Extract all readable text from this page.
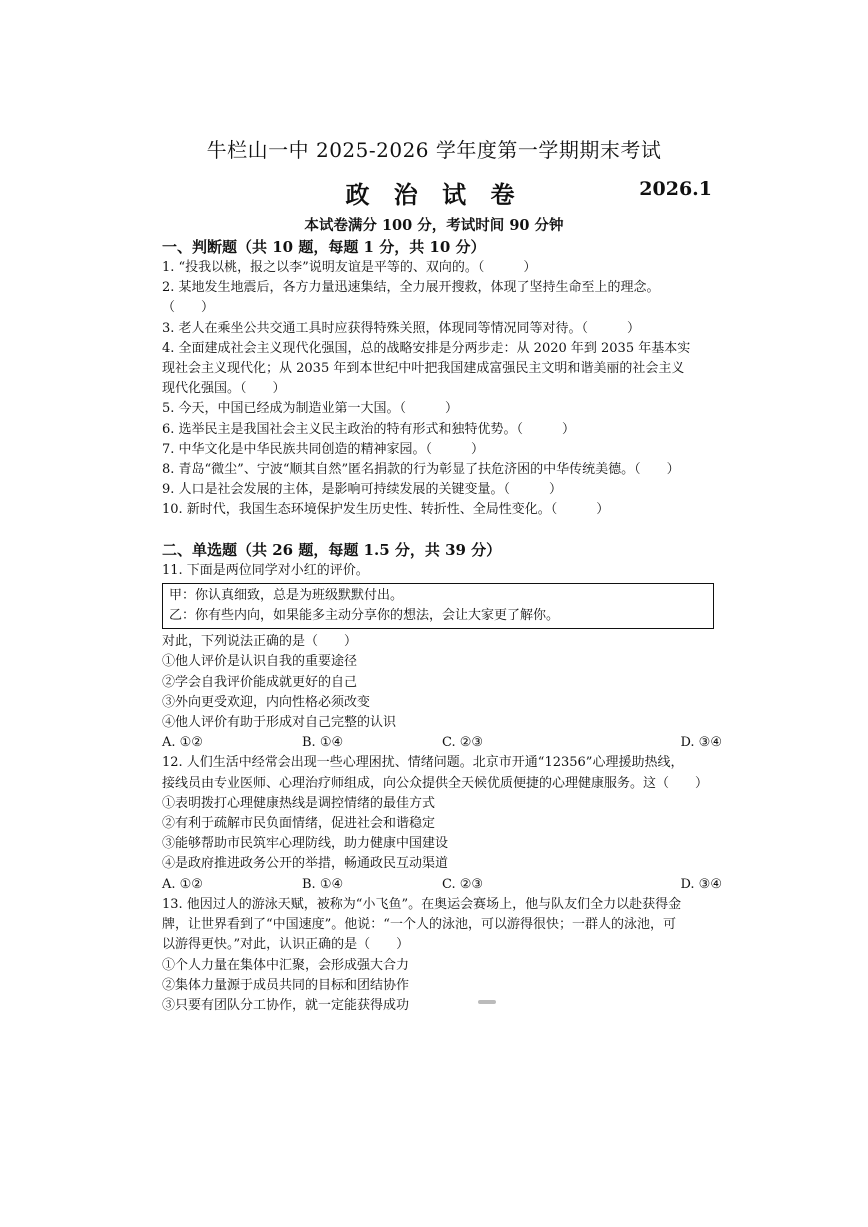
牛栏山一中 2025-2026 学年度第一学期期末考试
政 治 试 卷	2026.1
本试卷满分 100 分，考试时间 90 分钟
一、判断题（共 10 题，每题 1 分，共 10 分）
1. “投我以桃，报之以李”说明友谊是平等的、双向的。（　　　）
2. 某地发生地震后，各方力量迅速集结，全力展开搜救，体现了坚持生命至上的理念。
（　　）
3. 老人在乘坐公共交通工具时应获得特殊关照，体现同等情况同等对待。（　　　）
4. 全面建成社会主义现代化强国，总的战略安排是分两步走：从 2020 年到 2035 年基本实
现社会主义现代化；从 2035 年到本世纪中叶把我国建成富强民主文明和谐美丽的社会主义
现代化强国。（　　）
5. 今天，中国已经成为制造业第一大国。（　　　）
6. 选举民主是我国社会主义民主政治的特有形式和独特优势。（　　　）
7. 中华文化是中华民族共同创造的精神家园。（　　　）
8. 青岛“微尘”、宁波“顺其自然”匿名捐款的行为彰显了扶危济困的中华传统美德。（　　）
9. 人口是社会发展的主体，是影响可持续发展的关键变量。（　　　）
10. 新时代，我国生态环境保护发生历史性、转折性、全局性变化。（　　　）
二、单选题（共 26 题，每题 1.5 分，共 39 分）
11. 下面是两位同学对小红的评价。
甲：你认真细致，总是为班级默默付出。
乙：你有些内向，如果能多主动分享你的想法，会让大家更了解你。
对此，下列说法正确的是（　　）
①他人评价是认识自我的重要途径
②学会自我评价能成就更好的自己
③外向更受欢迎，内向性格必须改变
④他人评价有助于形成对自己完整的认识
A. ①②	B. ①④	C. ②③	D. ③④
12. 人们生活中经常会出现一些心理困扰、情绪问题。北京市开通“12356”心理援助热线，
接线员由专业医师、心理治疗师组成，向公众提供全天候优质便捷的心理健康服务。这（　　）
①表明拨打心理健康热线是调控情绪的最佳方式
②有利于疏解市民负面情绪，促进社会和谐稳定
③能够帮助市民筑牢心理防线，助力健康中国建设
④是政府推进政务公开的举措，畅通政民互动渠道
A. ①②	B. ①④	C. ②③	D. ③④
13. 他因过人的游泳天赋，被称为“小飞鱼”。在奥运会赛场上，他与队友们全力以赴获得金
牌，让世界看到了“中国速度”。他说：“一个人的泳池，可以游得很快；一群人的泳池，可
以游得更快。”对此，认识正确的是（　　）
①个人力量在集体中汇聚，会形成强大合力
②集体力量源于成员共同的目标和团结协作
③只要有团队分工协作，就一定能获得成功
